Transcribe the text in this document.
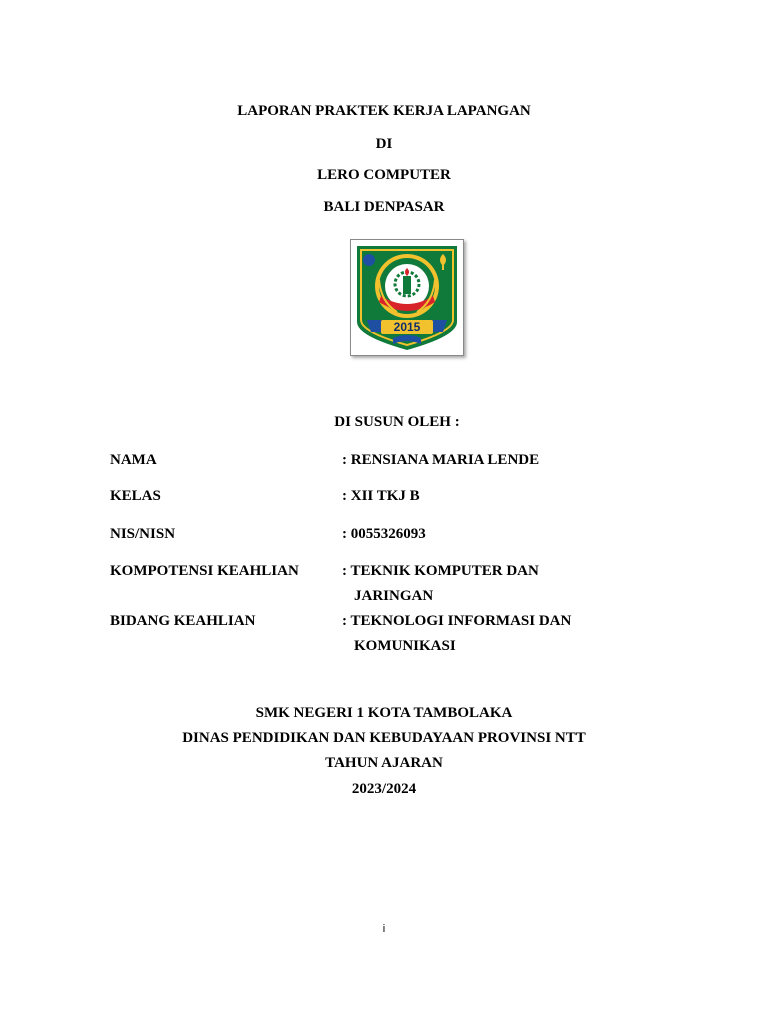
LAPORAN PRAKTEK KERJA LAPANGAN
DI
LERO COMPUTER
BALI DENPASAR
2015
DI SUSUN OLEH :
NAMA	: RENSIANA MARIA LENDE
KELAS	: XII TKJ B
NIS/NISN	: 0055326093
KOMPOTENSI KEAHLIAN	: TEKNIK KOMPUTER DAN
JARINGAN
BIDANG KEAHLIAN	: TEKNOLOGI INFORMASI DAN
KOMUNIKASI
SMK NEGERI 1 KOTA TAMBOLAKA
DINAS PENDIDIKAN DAN KEBUDAYAAN PROVINSI NTT
TAHUN AJARAN
2023/2024
i
